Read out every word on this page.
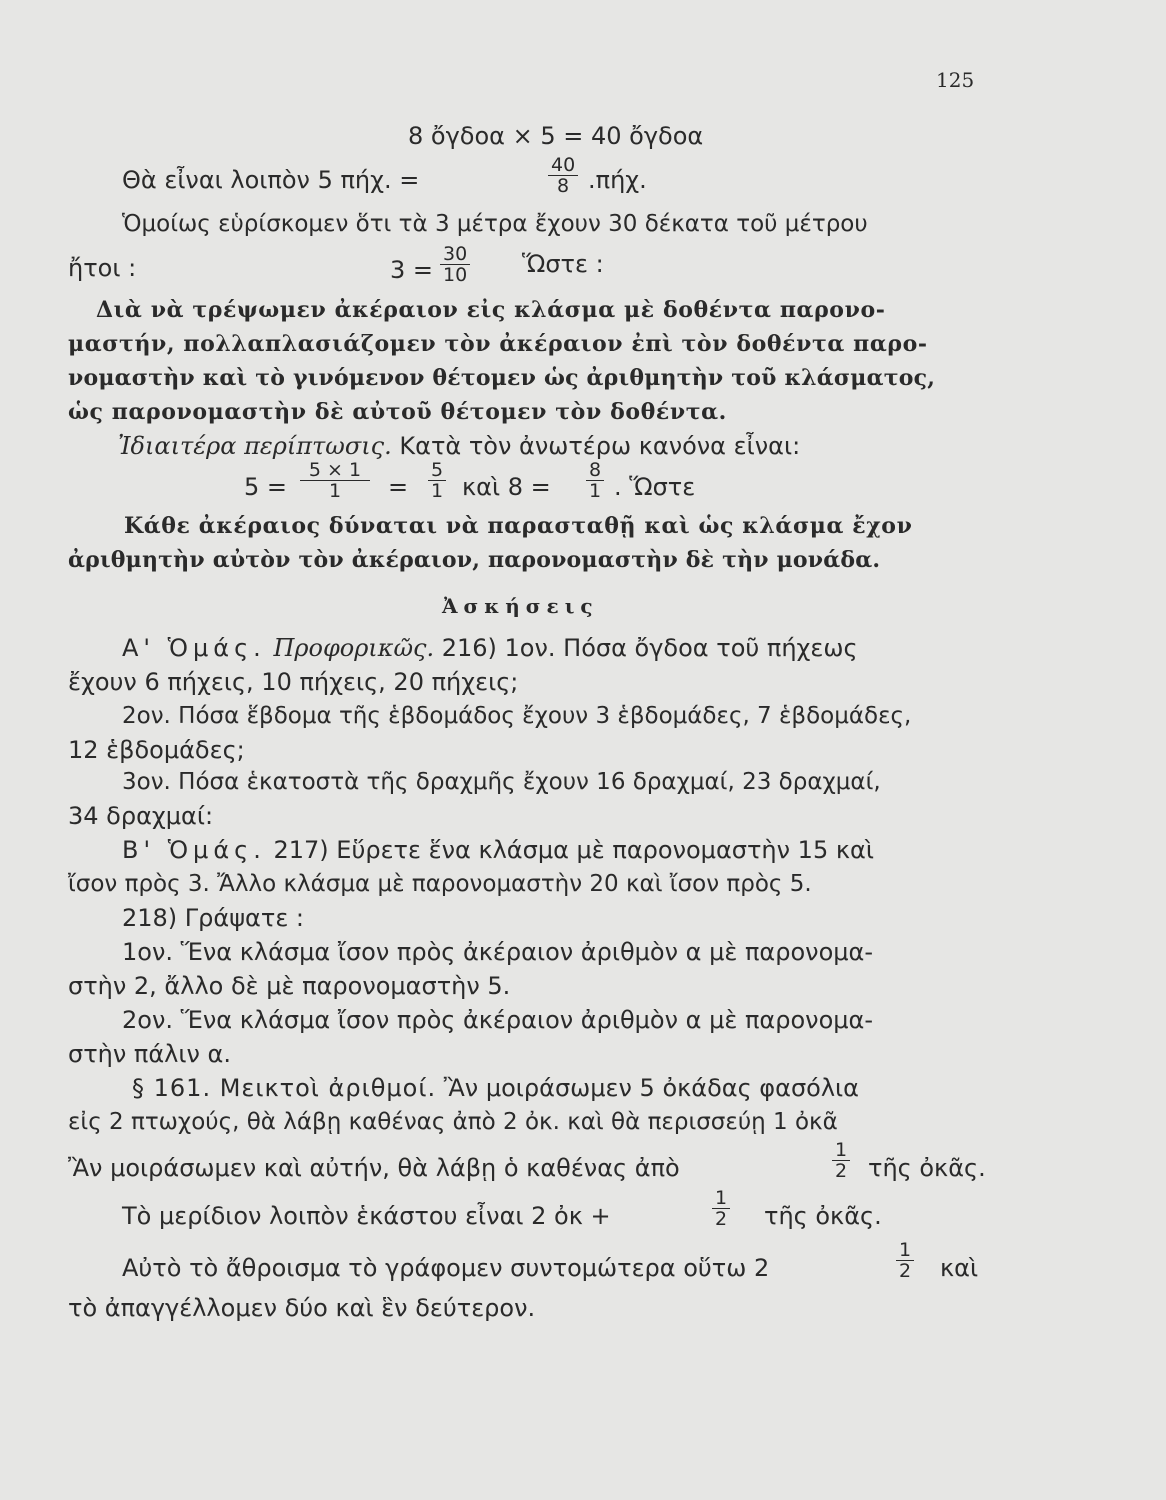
125
8 ὄγδοα × 5 = 40 ὄγδοα
Θὰ εἶναι λοιπὸν 5 πήχ. =	$\frac{40}{8} .\pi ή\chi$.
Ὁμοίως εὑρίσκομεν ὅτι τὰ 3 μέτρα ἔχουν 30 δέκατα τοῦ μέτρου
ἤτοι :	$3 = \frac{30}{10}$ Ὥστε :
Διὰ νὰ τρέψωμεν ἀκέραιον εἰς κλάσμα μὲ δοθέντα παρονο-
μαστήν, πολλαπλασιάζομεν τὸν ἀκέραιον ἐπὶ τὸν δοθέντα παρο-
νομαστὴν καὶ τὸ γινόμενον θέτομεν ὡς ἀριθμητὴν τοῦ κλάσματος,
ὡς παρονομαστὴν δὲ αὐτοῦ θέτομεν τὸν δοθέντα.
Ἰδιαιτέρα περίπτωσις. Κατὰ τὸν ἀνωτέρω κανόνα εἶναι:
$5 = \frac{5 \times 1}{1} = \frac{5}{1}$ καὶ $8 = \frac{8}{1}$ . Ὥστε
Κάθε ἀκέραιος δύναται νὰ παρασταθῇ καὶ ὡς κλάσμα ἔχον
ἀριθμητὴν αὐτὸν τὸν ἀκέραιον, παρονομαστὴν δὲ τὴν μονάδα.
Ἀσκήσεις
Α' Ὁμάς. Προφορικῶς. 216) 1ον. Πόσα ὄγδοα τοῦ πήχεως
ἔχουν 6 πήχεις, 10 πήχεις, 20 πήχεις;
2ον. Πόσα ἕβδομα τῆς ἑβδομάδος ἔχουν 3 ἑβδομάδες, 7 ἑβδομάδες,
12 ἑβδομάδες;
3ον. Πόσα ἑκατοστὰ τῆς δραχμῆς ἔχουν 16 δραχμαί, 23 δραχμαί,
34 δραχμαί:
Β' Ὁμάς. 217) Εὕρετε ἕνα κλάσμα μὲ παρονομαστὴν 15 καὶ
ἴσον πρὸς 3. Ἄλλο κλάσμα μὲ παρονομαστὴν 20 καὶ ἴσον πρὸς 5.
218) Γράψατε :
1ον. Ἕνα κλάσμα ἴσον πρὸς ἀκέραιον ἀριθμὸν α μὲ παρονομα-
στὴν 2, ἄλλο δὲ μὲ παρονομαστὴν 5.
2ον. Ἕνα κλάσμα ἴσον πρὸς ἀκέραιον ἀριθμὸν α μὲ παρονομα-
στὴν πάλιν α.
§ 161. Μεικτοὶ ἀριθμοί. Ἂν μοιράσωμεν 5 ὀκάδας φασόλια
εἰς 2 πτωχούς, θὰ λάβῃ καθένας ἀπὸ 2 ὀκ. καὶ θὰ περισσεύῃ 1 ὀκᾶ
Ἂν μοιράσωμεν καὶ αὐτήν, θὰ λάβῃ ὁ καθένας ἀπὸ	$\frac{1}{2}$ τῆς ὀκᾶς.
Τὸ μερίδιον λοιπὸν ἑκάστου εἶναι 2 ὀκ +	$\frac{1}{2}$ τῆς ὀκᾶς.
Αὐτὸ τὸ ἄθροισμα τὸ γράφομεν συντομώτερα οὕτω 2	$\frac{1}{2}$ καὶ
τὸ ἀπαγγέλλομεν δύο καὶ ἓν δεύτερον.
